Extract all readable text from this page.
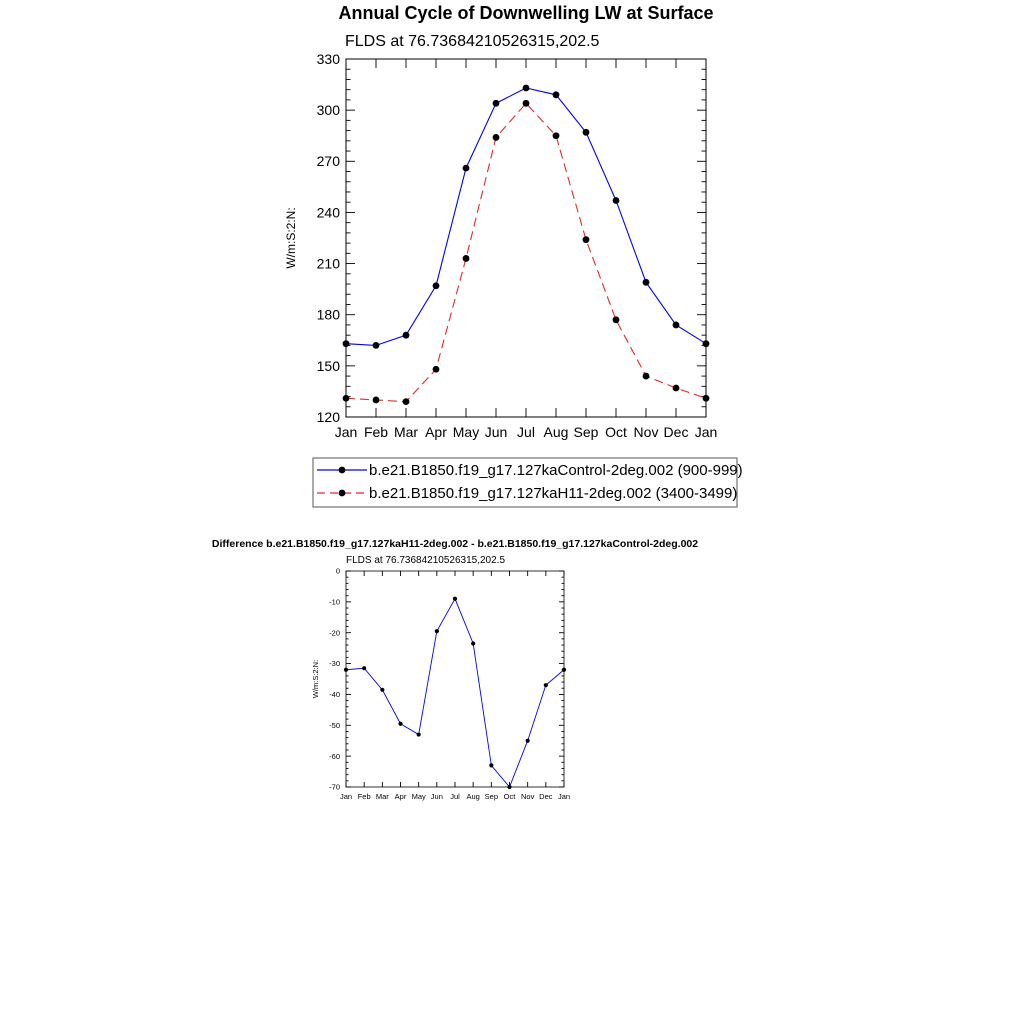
Annual Cycle of Downwelling LW at Surface
FLDS at 76.73684210526315,202.5
W/m:S:2:N:
120
150
180
210
240
270
300
330
Jan Feb Mar Apr May Jun Jul Aug Sep Oct Nov Dec Jan
b.e21.B1850.f19_g17.127kaControl-2deg.002 (900-999)
b.e21.B1850.f19_g17.127kaH11-2deg.002 (3400-3499)
Difference b.e21.B1850.f19_g17.127kaH11-2deg.002 - b.e21.B1850.f19_g17.127kaControl-2deg.002
FLDS at 76.73684210526315,202.5
W/m:S:2:N:
-70
-60
-50
-40
-30
-20
-10
0
Jan Feb Mar Apr May Jun Jul Aug Sep Oct Nov Dec Jan
